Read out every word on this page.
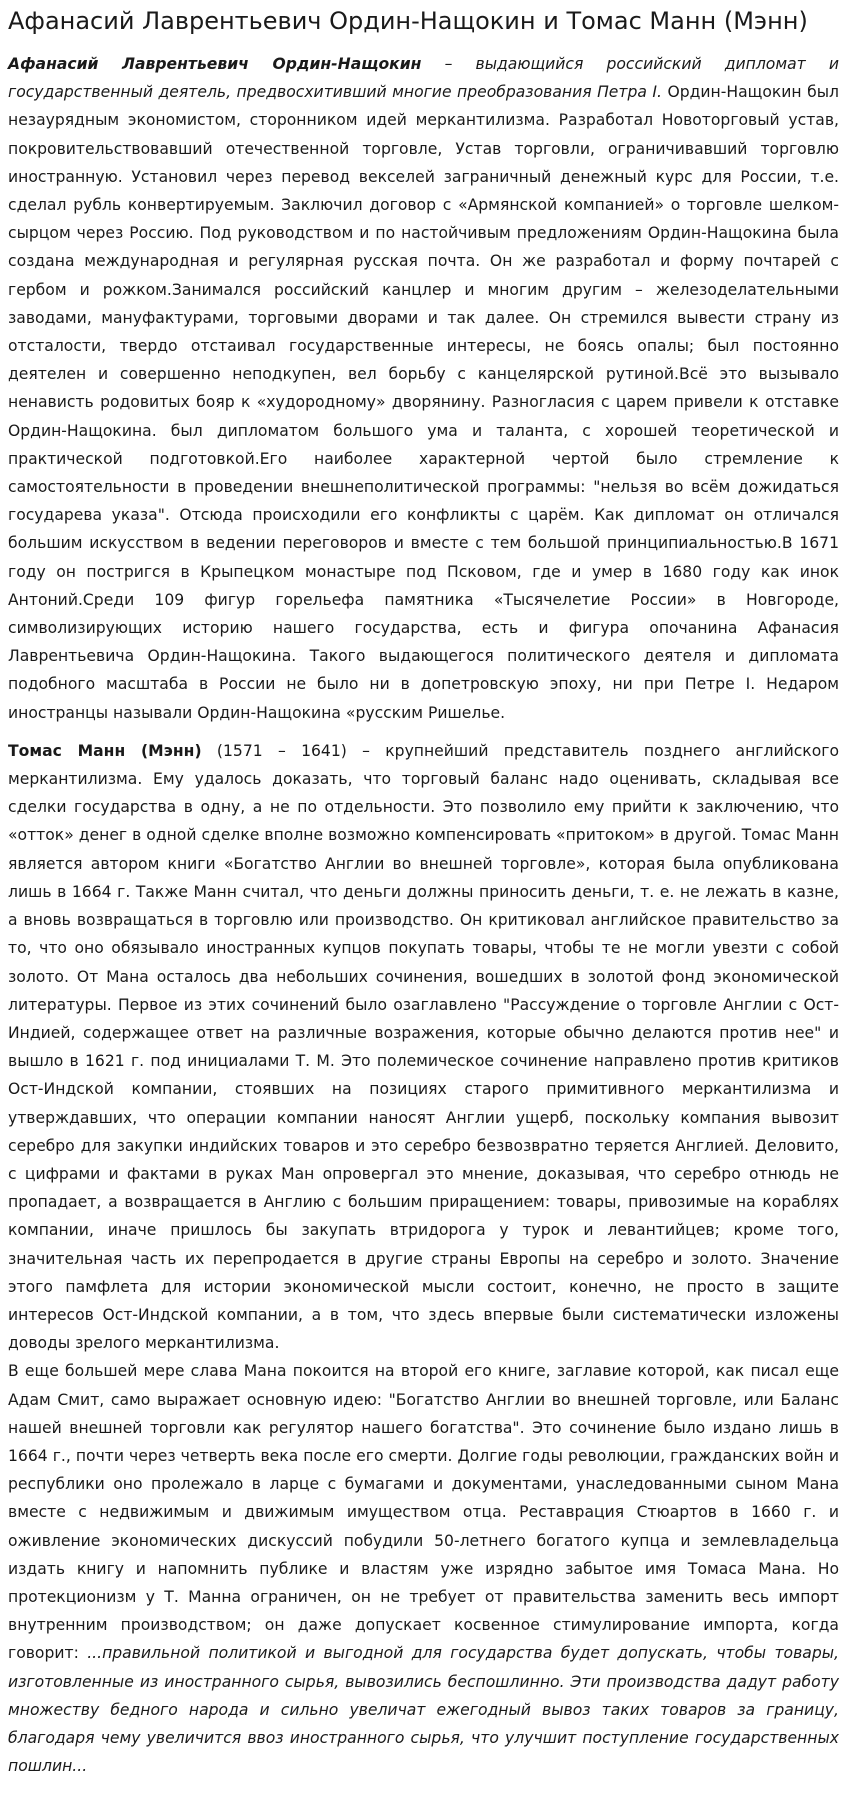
Афанасий Лаврентьевич Ордин-Нащокин и Томас Манн (Мэнн)

Афанасий Лаврентьевич Ордин-Нащокин – выдающийся российский дипломат и государственный деятель, предвосхитивший многие преобразования Петра I. Ордин-Нащокин был незаурядным экономистом, сторонником идей меркантилизма. Разработал Новоторговый устав, покровительствовавший отечественной торговле, Устав торговли, ограничивавший торговлю иностранную. Установил через перевод векселей заграничный денежный курс для России, т.е. сделал рубль конвертируемым. Заключил договор с «Армянской компанией» о торговле шелком-сырцом через Россию. Под руководством и по настойчивым предложениям Ордин-Нащокина была создана международная и регулярная русская почта. Он же разработал и форму почтарей с гербом и рожком.Занимался российский канцлер и многим другим – железоделательными заводами, мануфактурами, торговыми дворами и так далее. Он стремился вывести страну из отсталости, твердо отстаивал государственные интересы, не боясь опалы; был постоянно деятелен и совершенно неподкупен, вел борьбу с канцелярской рутиной.Всё это вызывало ненависть родовитых бояр к «худородному» дворянину. Разногласия с царем привели к отставке Ордин-Нащокина. был дипломатом большого ума и таланта, с хорошей теоретической и практической подготовкой.Его наиболее характерной чертой было стремление к самостоятельности в проведении внешнеполитической программы: "нельзя во всём дожидаться государева указа". Отсюда происходили его конфликты с царём. Как дипломат он отличался большим искусством в ведении переговоров и вместе с тем большой принципиальностью.В 1671 году он постригся в Крыпецком монастыре под Псковом, где и умер в 1680 году как инок Антоний.Среди 109 фигур горельефа памятника «Тысячелетие России» в Новгороде, символизирующих историю нашего государства, есть и фигура опочанина Афанасия Лаврентьевича Ордин-Нащокина. Такого выдающегося политического деятеля и дипломата подобного масштаба в России не было ни в допетровскую эпоху, ни при Петре I. Недаром иностранцы называли Ордин-Нащокина «русским Ришелье.

Томас Манн (Мэнн) (1571 – 1641) – крупнейший представитель позднего английского меркантилизма. Ему удалось доказать, что торговый баланс надо оценивать, складывая все сделки государства в одну, а не по отдельности. Это позволило ему прийти к заключению, что «отток» денег в одной сделке вполне возможно компенсировать «притоком» в другой. Томас Манн является автором книги «Богатство Англии во внешней торговле», которая была опубликована лишь в 1664 г. Также Манн считал, что деньги должны приносить деньги, т. е. не лежать в казне, а вновь возвращаться в торговлю или производство. Он критиковал английское правительство за то, что оно обязывало иностранных купцов покупать товары, чтобы те не могли увезти с собой золото. От Мана осталось два небольших сочинения, вошедших в золотой фонд экономической литературы. Первое из этих сочинений было озаглавлено "Рассуждение о торговле Англии с Ост-Индией, содержащее ответ на различные возражения, которые обычно делаются против нее" и вышло в 1621 г. под инициалами Т. М. Это полемическое сочинение направлено против критиков Ост-Индской компании, стоявших на позициях старого примитивного меркантилизма и утверждавших, что операции компании наносят Англии ущерб, поскольку компания вывозит серебро для закупки индийских товаров и это серебро безвозвратно теряется Англией. Деловито, с цифрами и фактами в руках Ман опровергал это мнение, доказывая, что серебро отнюдь не пропадает, а возвращается в Англию с большим приращением: товары, привозимые на кораблях компании, иначе пришлось бы закупать втридорога у турок и левантийцев; кроме того, значительная часть их перепродается в другие страны Европы на серебро и золото. Значение этого памфлета для истории экономической мысли состоит, конечно, не просто в защите интересов Ост-Индской компании, а в том, что здесь впервые были систематически изложены доводы зрелого меркантилизма.

В еще большей мере слава Мана покоится на второй его книге, заглавие которой, как писал еще Адам Смит, само выражает основную идею: "Богатство Англии во внешней торговле, или Баланс нашей внешней торговли как регулятор нашего богатства". Это сочинение было издано лишь в 1664 г., почти через четверть века после его смерти. Долгие годы революции, гражданских войн и республики оно пролежало в ларце с бумагами и документами, унаследованными сыном Мана вместе с недвижимым и движимым имуществом отца. Реставрация Стюартов в 1660 г. и оживление экономических дискуссий побудили 50-летнего богатого купца и землевладельца издать книгу и напомнить публике и властям уже изрядно забытое имя Томаса Мана. Но протекционизм у Т. Манна ограничен, он не требует от правительства заменить весь импорт внутренним производством; он даже допускает косвенное стимулирование импорта, когда говорит: ...правильной политикой и выгодной для государства будет допускать, чтобы товары, изготовленные из иностранного сырья, вывозились беспошлинно. Эти производства дадут работу множеству бедного народа и сильно увеличат ежегодный вывоз таких товаров за границу, благодаря чему увеличится ввоз иностранного сырья, что улучшит поступление государственных пошлин...
